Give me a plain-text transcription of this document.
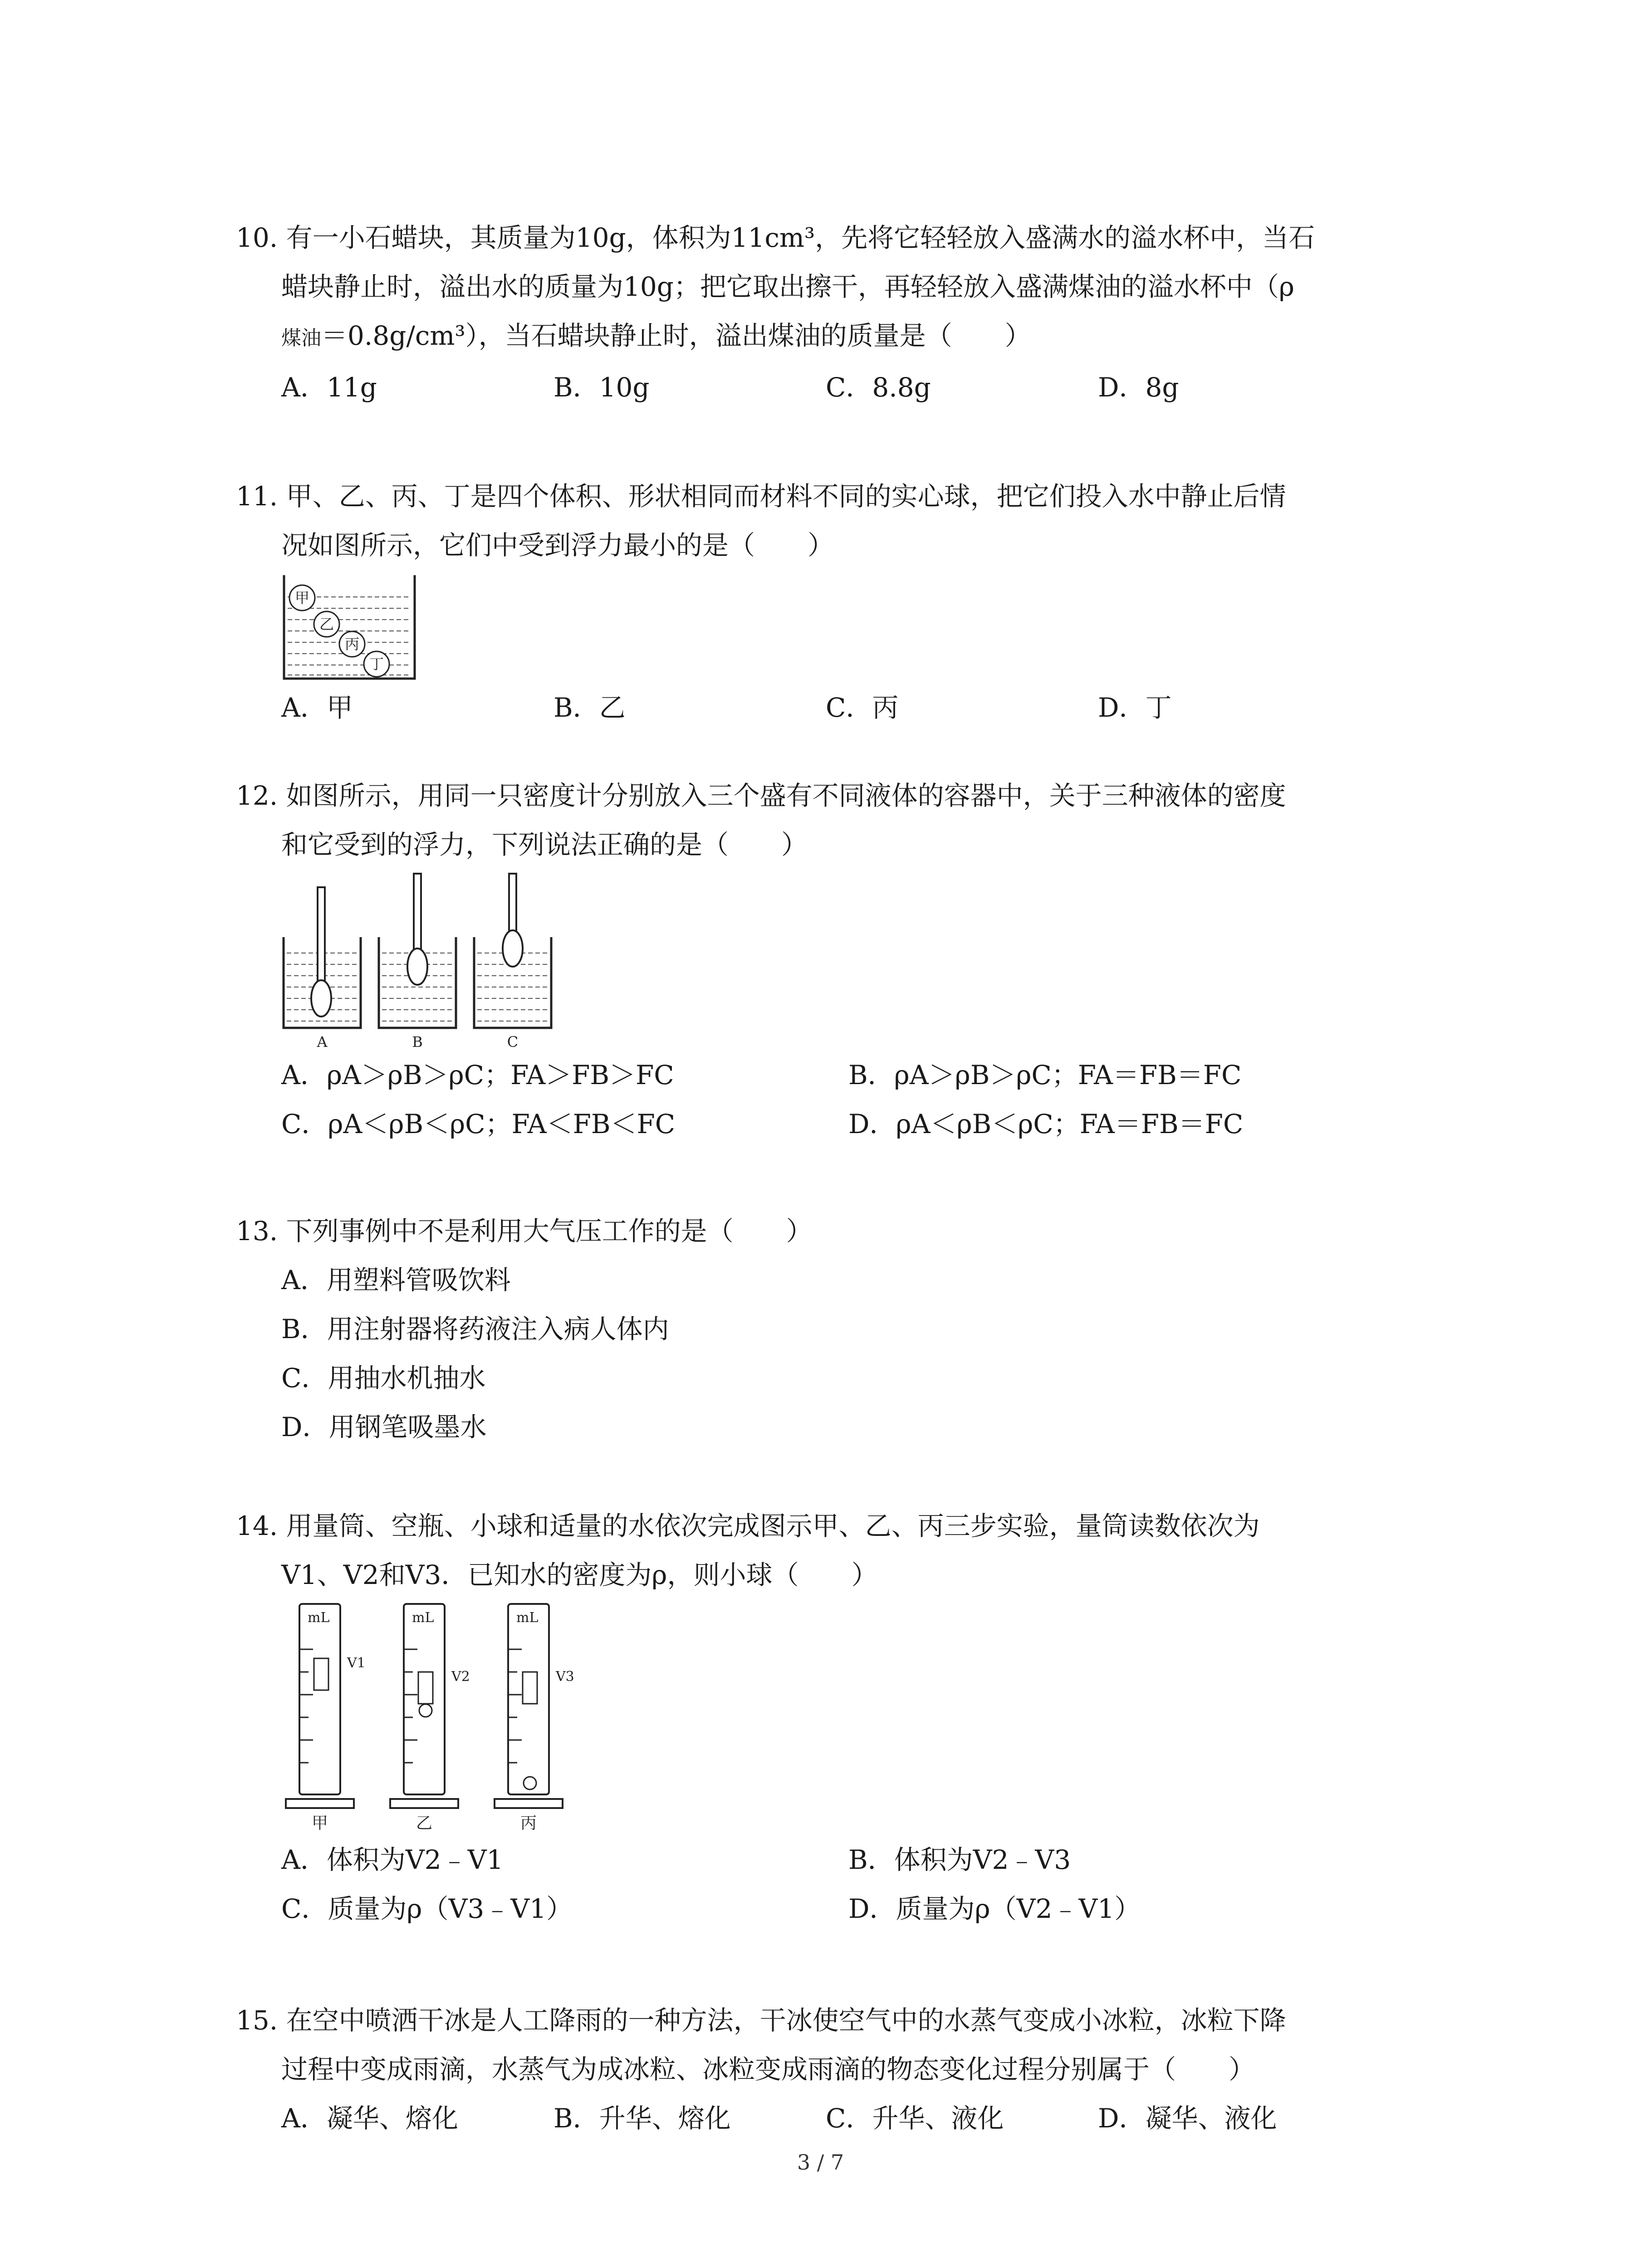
10. 有一小石蜡块，其质量为10g，体积为11cm³，先将它轻轻放入盛满水的溢水杯中，当石
蜡块静止时，溢出水的质量为10g；把它取出擦干，再轻轻放入盛满煤油的溢水杯中（ρ
煤油＝0.8g/cm³），当石蜡块静止时，溢出煤油的质量是（　　）
A．11g	B．10g	C．8.8g	D．8g
11. 甲、乙、丙、丁是四个体积、形状相同而材料不同的实心球，把它们投入水中静止后情
况如图所示，它们中受到浮力最小的是（　　）
甲
乙
丙
丁
A．甲	B．乙	C．丙	D．丁
12. 如图所示，用同一只密度计分别放入三个盛有不同液体的容器中，关于三种液体的密度
和它受到的浮力，下列说法正确的是（　　）
A	B	C
A．ρA＞ρB＞ρC；FA＞FB＞FC	B．ρA＞ρB＞ρC；FA＝FB＝FC
C．ρA＜ρB＜ρC；FA＜FB＜FC	D．ρA＜ρB＜ρC；FA＝FB＝FC
13. 下列事例中不是利用大气压工作的是（　　）
A．用塑料管吸饮料
B．用注射器将药液注入病人体内
C．用抽水机抽水
D．用钢笔吸墨水
14. 用量筒、空瓶、小球和适量的水依次完成图示甲、乙、丙三步实验，量筒读数依次为
V1、V2和V3．已知水的密度为ρ，则小球（　　）
mL	mL	mL
V1
V2	V3
甲	乙	丙
A．体积为V2﹣V1	B．体积为V2﹣V3
C．质量为ρ（V3﹣V1）	D．质量为ρ（V2﹣V1）
15. 在空中喷洒干冰是人工降雨的一种方法，干冰使空气中的水蒸气变成小冰粒，冰粒下降
过程中变成雨滴，水蒸气为成冰粒、冰粒变成雨滴的物态变化过程分别属于（　　）
A．凝华、熔化	B．升华、熔化	C．升华、液化	D．凝华、液化
3 / 7
